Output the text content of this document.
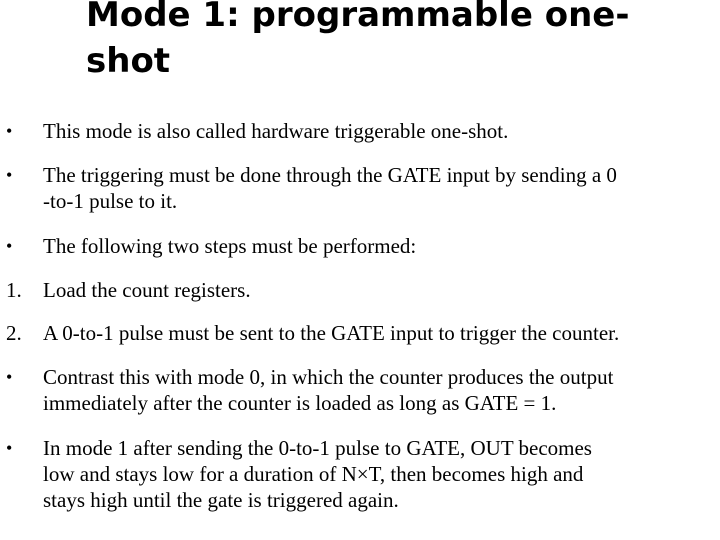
Mode 1: programmable one-
shot
• This mode is also called hardware triggerable one-shot.
• The triggering must be done through the GATE input by sending a 0
-to-1 pulse to it.
• The following two steps must be performed:
1. Load the count registers.
2. A 0-to-1 pulse must be sent to the GATE input to trigger the counter.
• Contrast this with mode 0, in which the counter produces the output
immediately after the counter is loaded as long as GATE = 1.
• In mode 1 after sending the 0-to-1 pulse to GATE, OUT becomes
low and stays low for a duration of N×T, then becomes high and
stays high until the gate is triggered again.
